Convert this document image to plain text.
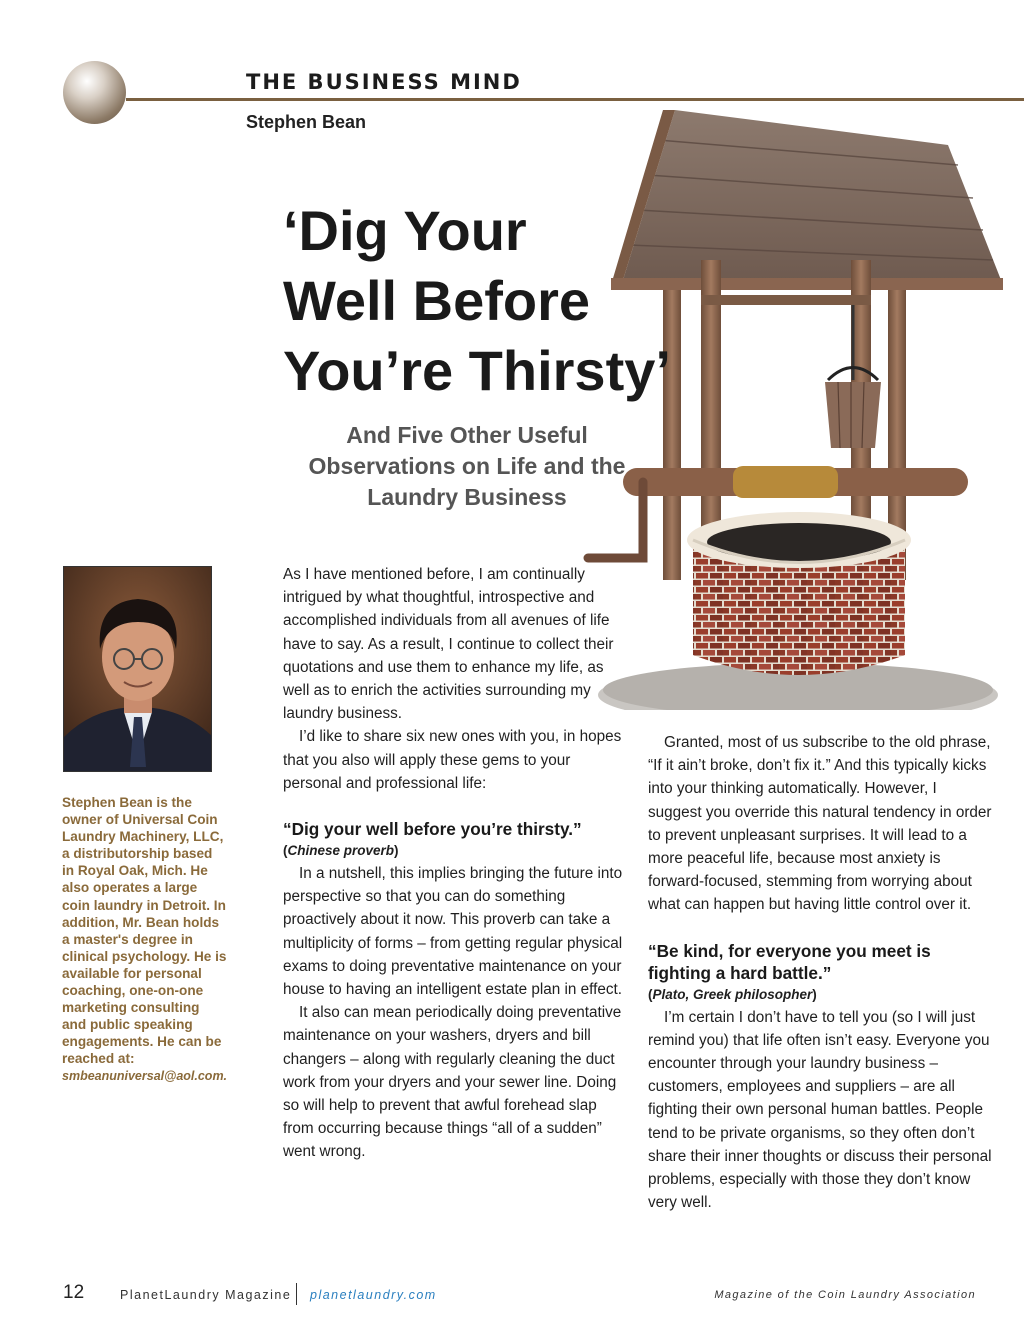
THE BUSINESS MIND
Stephen Bean
‘Dig Your
Well Before
You’re Thirsty’
And Five Other Useful
Observations on Life and the
Laundry Business
Stephen Bean is the owner of Universal Coin Laundry Machinery, LLC, a distributorship based in Royal Oak, Mich. He also operates a large coin laundry in Detroit. In addition, Mr. Bean holds a master's degree in clinical psychology. He is available for personal coaching, one-on-one marketing consulting and public speaking engagements. He can be reached at:
smbeanuniversal@aol.com.

As I have mentioned before, I am continually intrigued by what thoughtful, introspective and accomplished individuals from all avenues of life have to say. As a result, I continue to collect their quotations and use them to enhance my life, as well as to enrich the activities surrounding my laundry business.

I’d like to share six new ones with you, in hopes that you also will apply these gems to your personal and professional life:

“Dig your well before you’re thirsty.”
(Chinese proverb)

In a nutshell, this implies bringing the future into perspective so that you can do something proactively about it now. This proverb can take a multiplicity of forms – from getting regular physical exams to doing preventative maintenance on your house to having an intelligent estate plan in effect.

It also can mean periodically doing preventative maintenance on your washers, dryers and bill changers – along with regularly cleaning the duct work from your dryers and your sewer line. Doing so will help to prevent that awful forehead slap from occurring because things “all of a sudden” went wrong.

Granted, most of us subscribe to the old phrase, “If it ain’t broke, don’t fix it.” And this typically kicks into your thinking automatically. However, I suggest you override this natural tendency in order to prevent unpleasant surprises. It will lead to a more peaceful life, because most anxiety is forward-focused, stemming from worrying about what can happen but having little control over it.

“Be kind, for everyone you meet is fighting a hard battle.”
(Plato, Greek philosopher)

I’m certain I don’t have to tell you (so I will just remind you) that life often isn’t easy. Everyone you encounter through your laundry business – customers, employees and suppliers – are all fighting their own personal human battles. People tend to be private organisms, so they often don’t share their inner thoughts or discuss their personal problems, especially with those they don’t know very well.

12	PlanetLaundry Magazine planetlaundry.com	Magazine of the Coin Laundry Association
